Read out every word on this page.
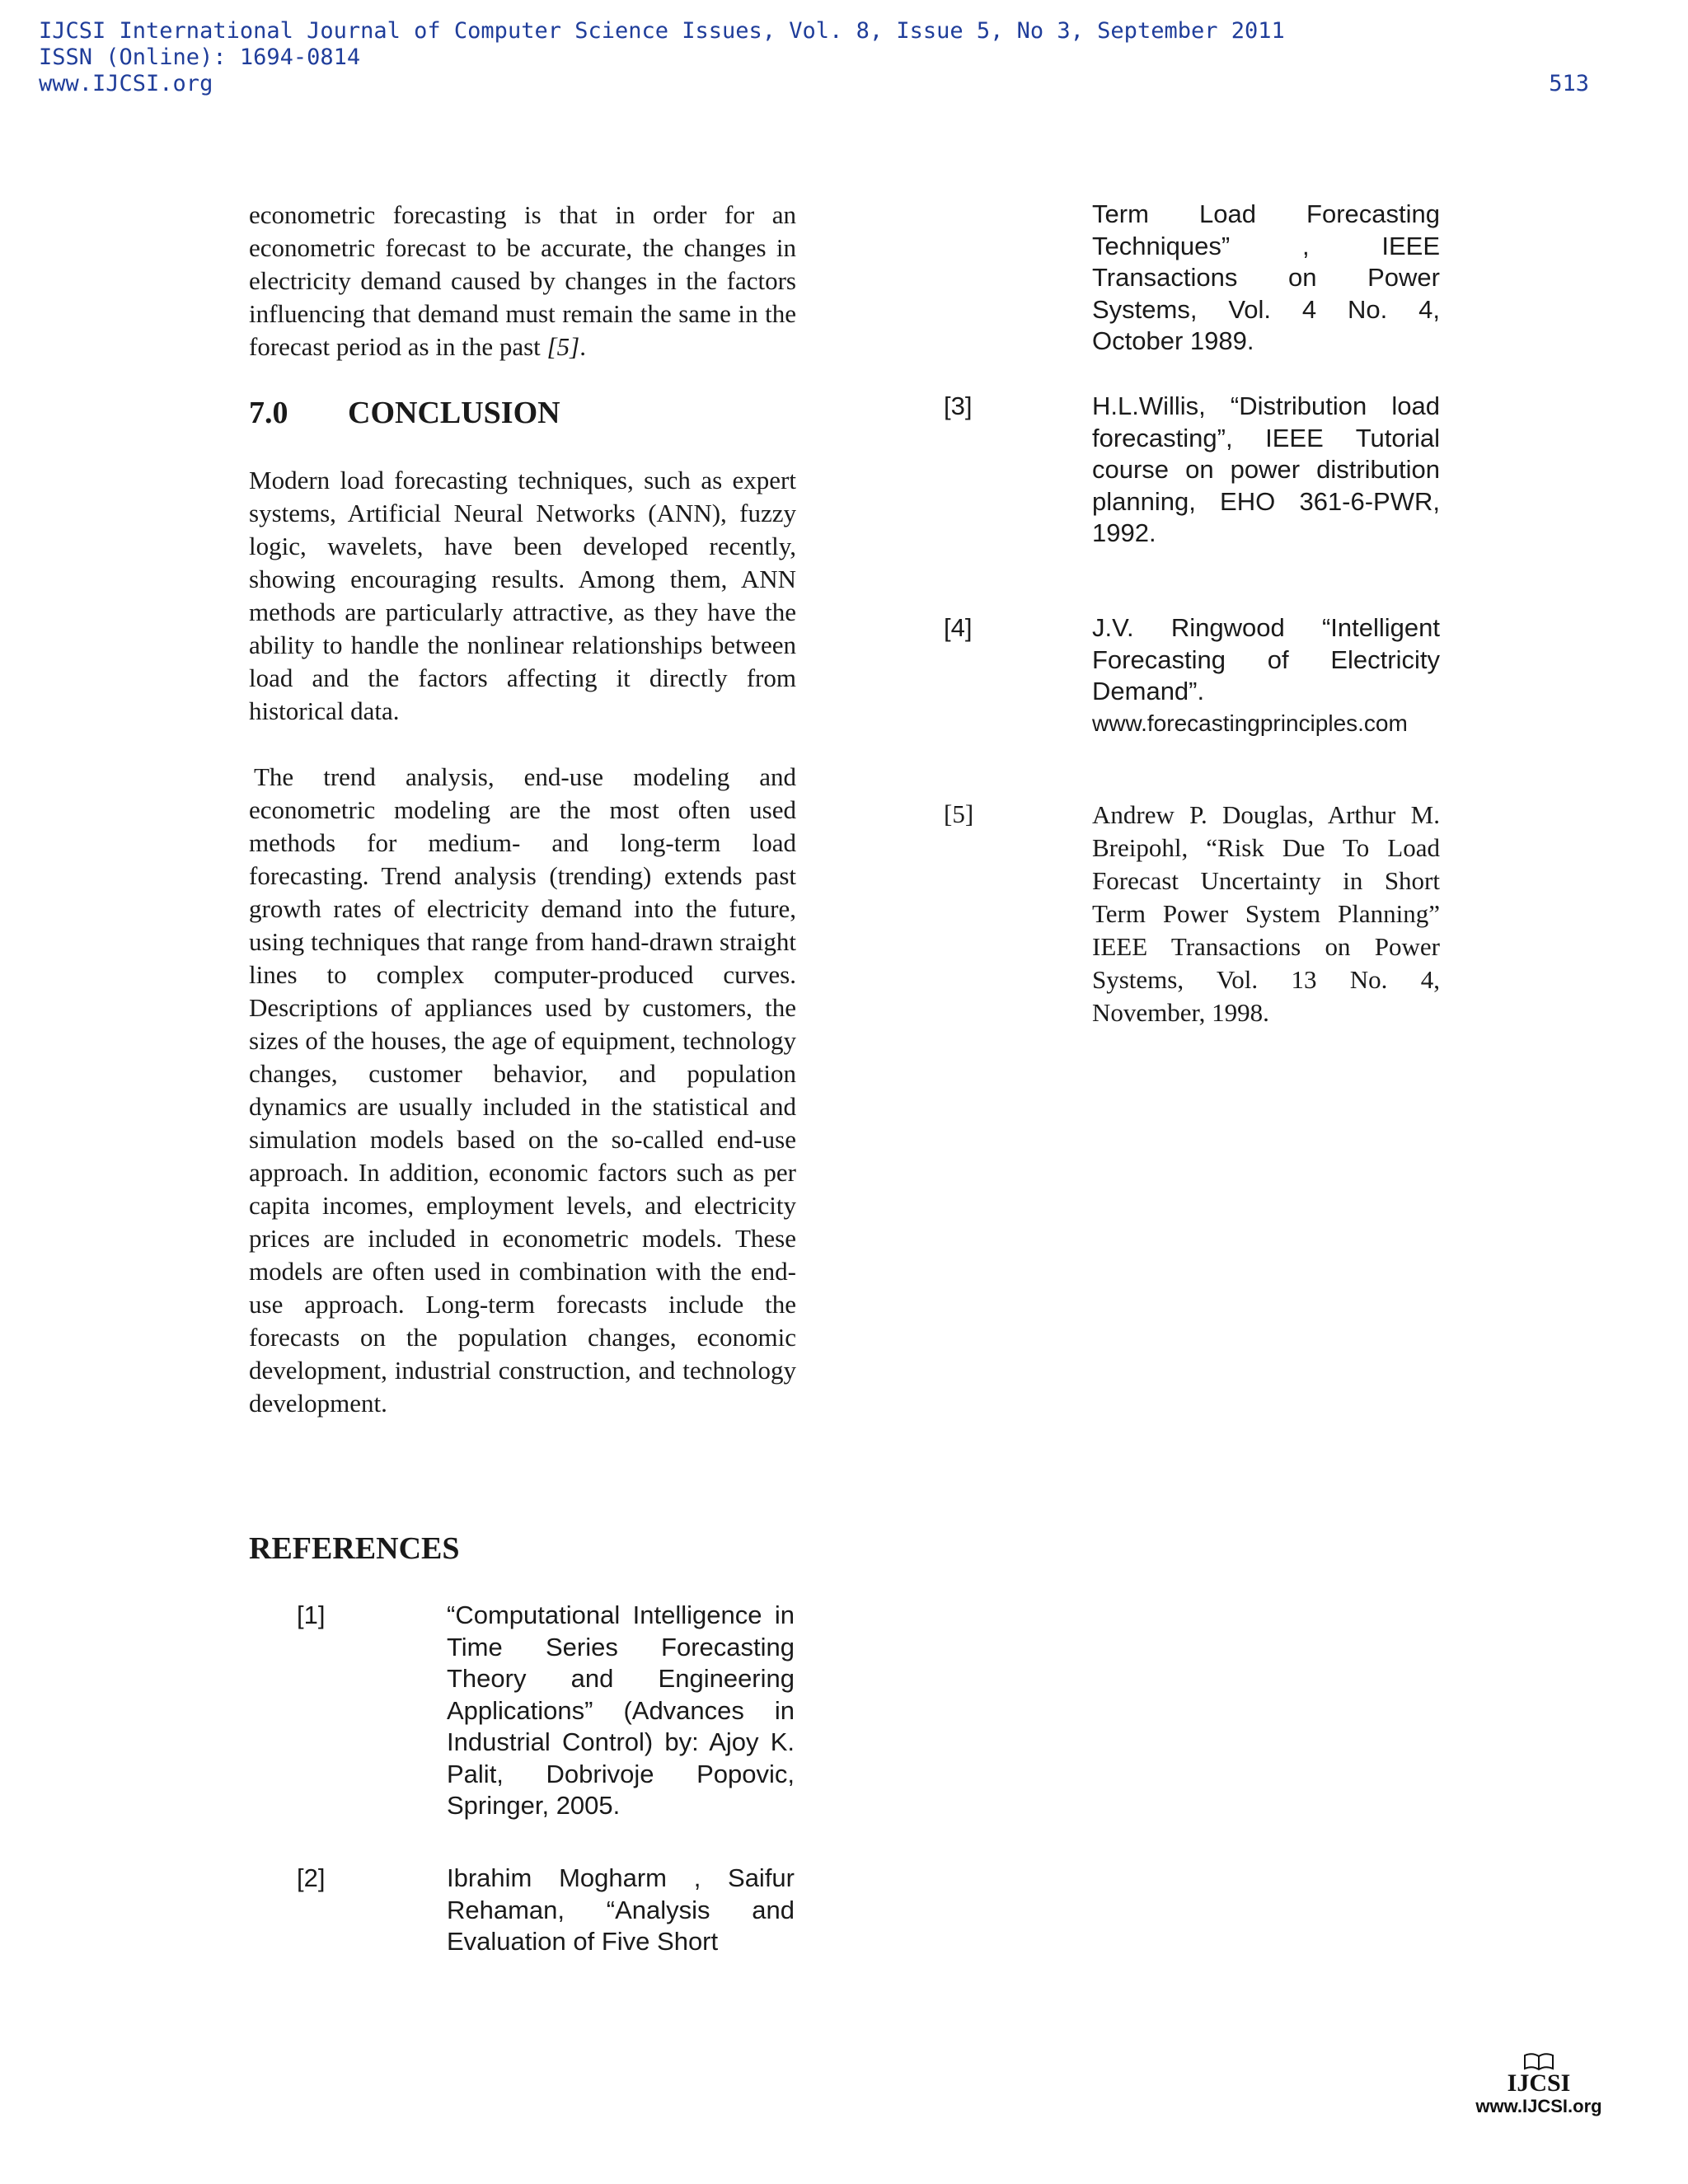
IJCSI International Journal of Computer Science Issues, Vol. 8, Issue 5, No 3, September 2011
ISSN (Online): 1694-0814
www.IJCSI.org	513

econometric forecasting is that in order for an econometric forecast to be accurate, the changes in electricity demand caused by changes in the factors influencing that demand must remain the same in the forecast period as in the past [5].

7.0 CONCLUSION

Modern load forecasting techniques, such as expert systems, Artificial Neural Networks (ANN), fuzzy logic, wavelets, have been developed recently, showing encouraging results. Among them, ANN methods are particularly attractive, as they have the ability to handle the nonlinear relationships between load and the factors affecting it directly from historical data.

The trend analysis, end-use modeling and econometric modeling are the most often used methods for medium- and long-term load forecasting. Trend analysis (trending) extends past growth rates of electricity demand into the future, using techniques that range from hand-drawn straight lines to complex computer-produced curves. Descriptions of appliances used by customers, the sizes of the houses, the age of equipment, technology changes, customer behavior, and population dynamics are usually included in the statistical and simulation models based on the so-called end-use approach. In addition, economic factors such as per capita incomes, employment levels, and electricity prices are included in econometric models. These models are often used in combination with the end-use approach. Long-term forecasts include the forecasts on the population changes, economic development, industrial construction, and technology development.

REFERENCES
[1]	“Computational Intelligence in Time Series Forecasting Theory and Engineering Applications” (Advances in Industrial Control) by: Ajoy K. Palit, Dobrivoje Popovic, Springer, 2005.
[2]	Ibrahim Mogharm , Saifur Rehaman, “Analysis and Evaluation of Five Short
Term Load Forecasting Techniques” , IEEE Transactions on Power Systems, Vol. 4 No. 4, October 1989.
[3]	H.L.Willis, “Distribution load forecasting”, IEEE Tutorial course on power distribution planning, EHO 361-6-PWR, 1992.
[4]	J.V. Ringwood “Intelligent Forecasting of Electricity Demand”.
www.forecastingprinciples.com
[5]	Andrew P. Douglas, Arthur M. Breipohl, “Risk Due To Load Forecast Uncertainty in Short Term Power System Planning” IEEE Transactions on Power Systems, Vol. 13 No. 4, November, 1998.
IJCSI
www.IJCSI.org
